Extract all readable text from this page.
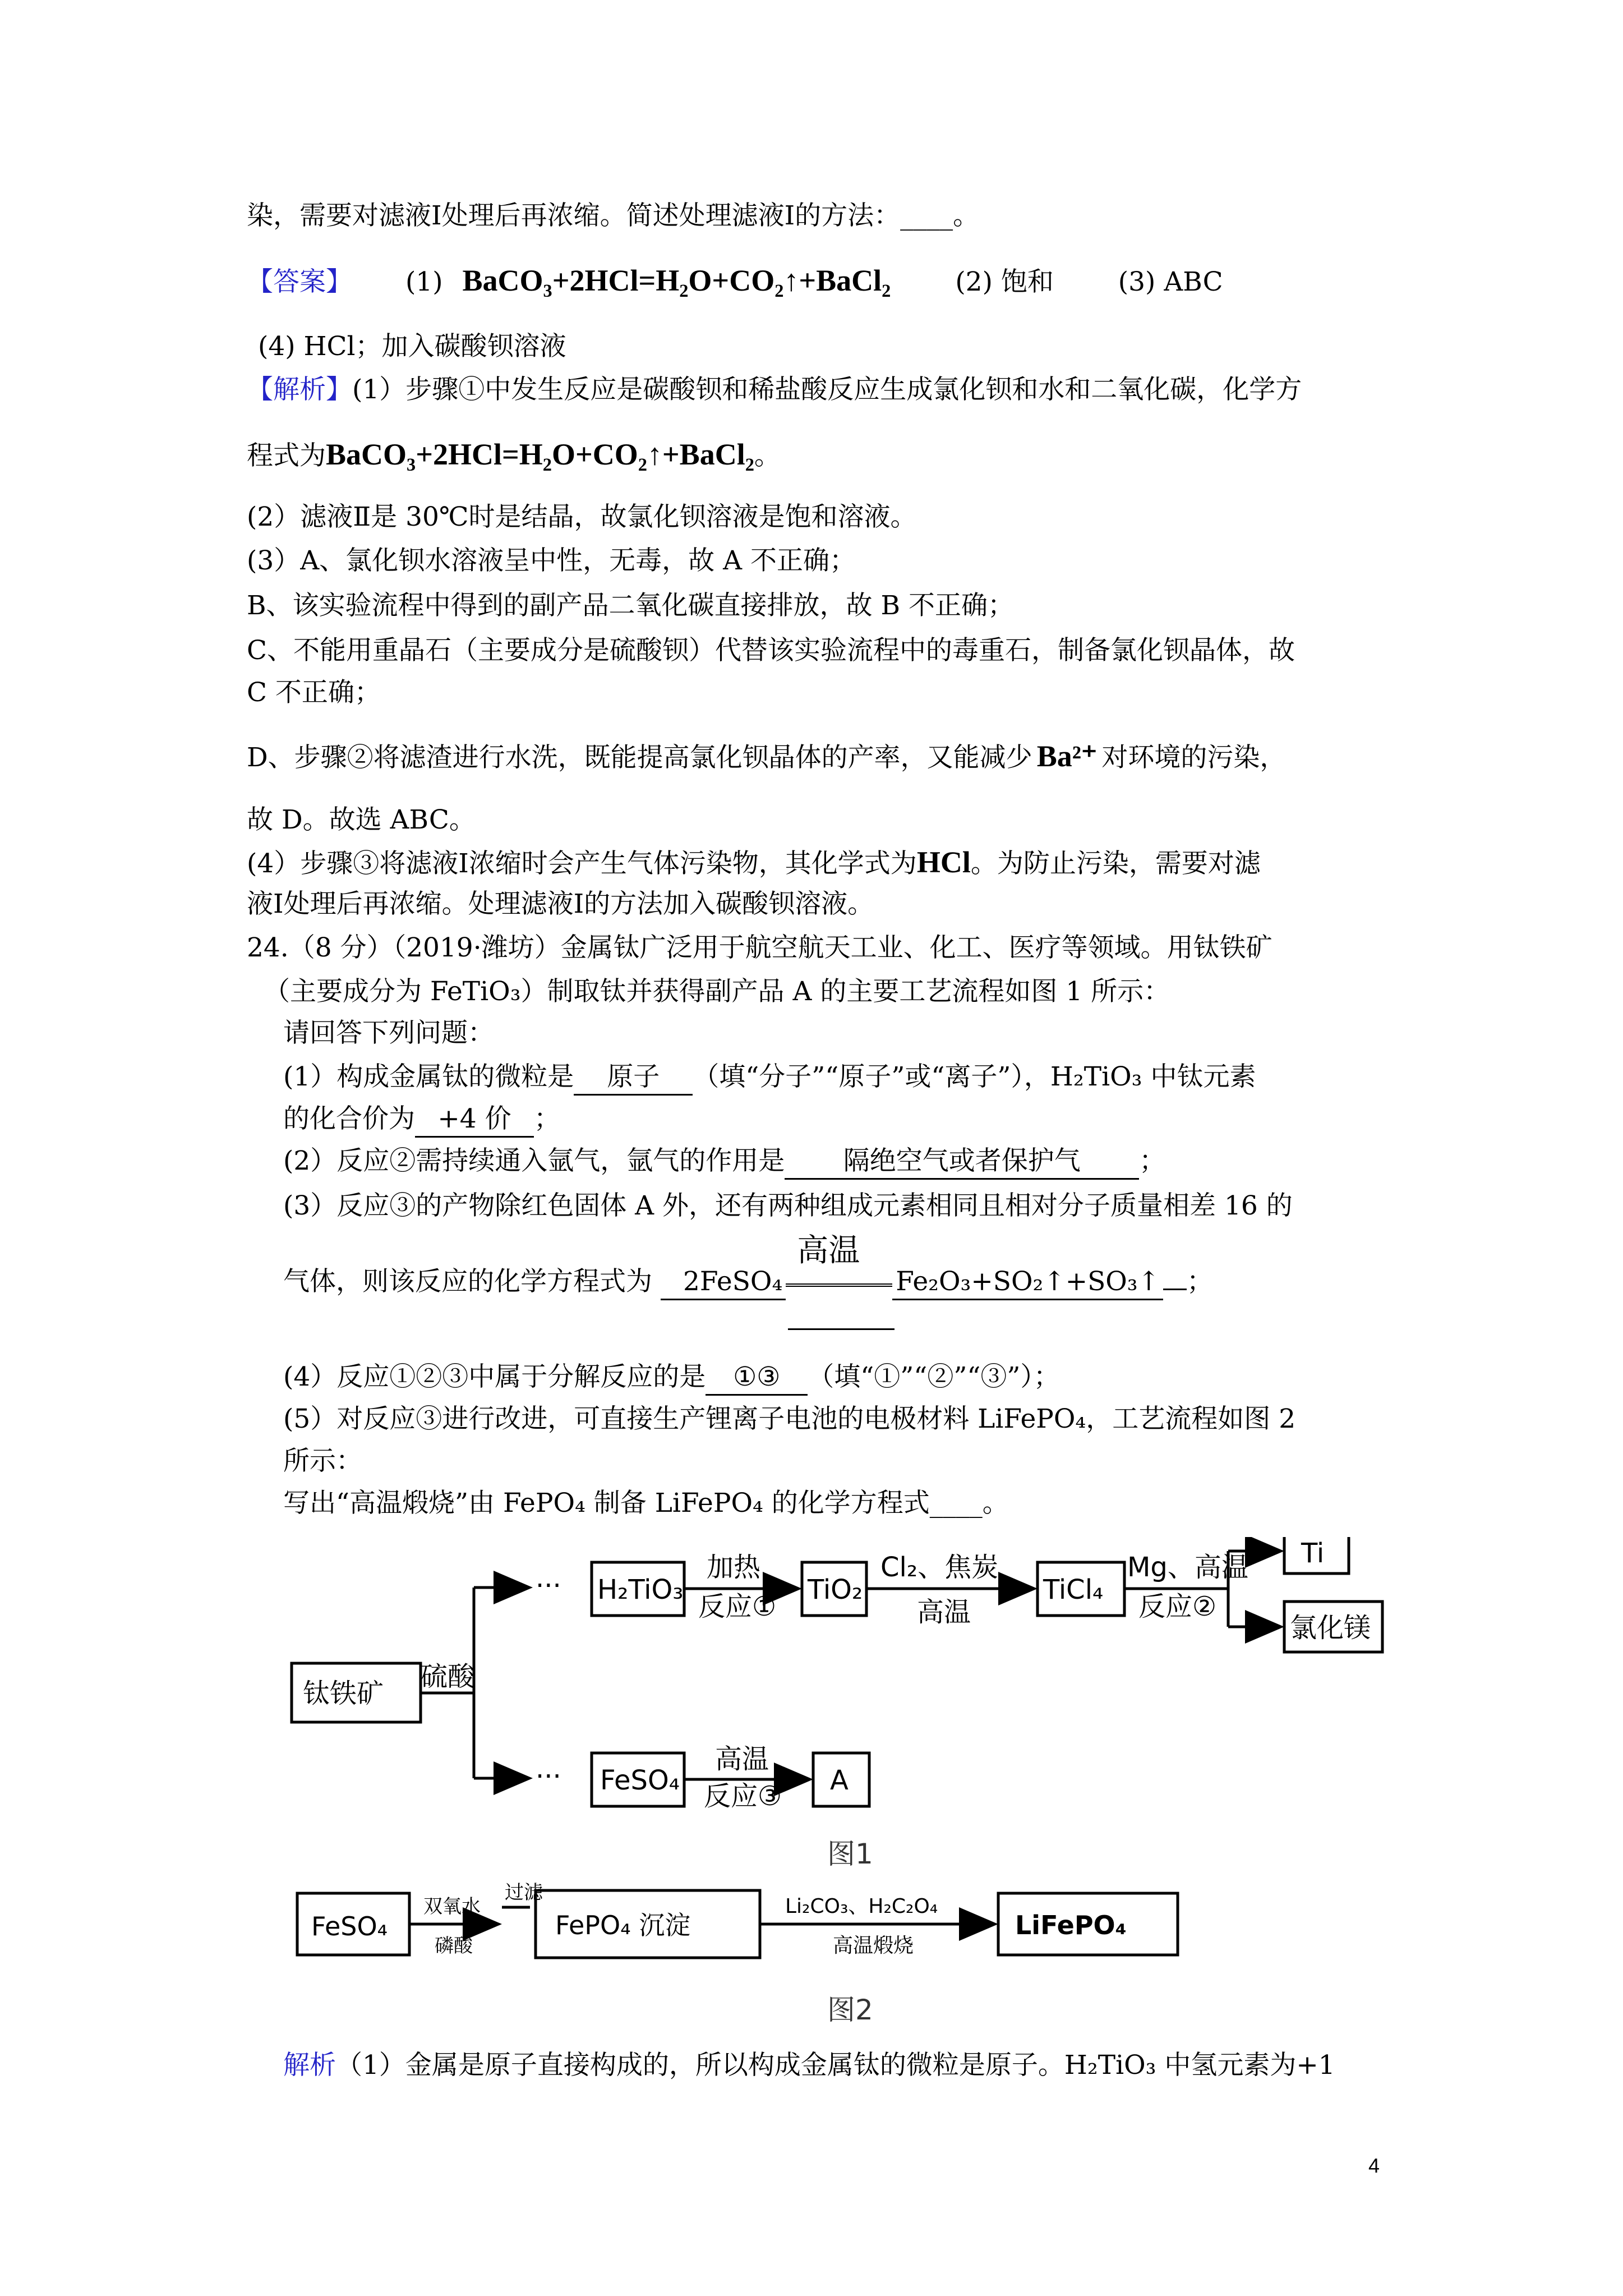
染，需要对滤液Ⅰ处理后再浓缩。简述处理滤液Ⅰ的方法：____。
【答案】 (1) BaCO₃+2HCl=H₂O+CO₂↑+BaCl₂ (2) 饱和 (3) ABC
(4) HCl；加入碳酸钡溶液
【解析】(1）步骤①中发生反应是碳酸钡和稀盐酸反应生成氯化钡和水和二氧化碳，化学方
程式为BaCO₃+2HCl=H₂O+CO₂↑+BaCl₂。
(2）滤液Ⅱ是 30℃时是结晶，故氯化钡溶液是饱和溶液。
(3）A、氯化钡水溶液呈中性，无毒，故 A 不正确；
B、该实验流程中得到的副产品二氧化碳直接排放，故 B 不正确；
C、不能用重晶石（主要成分是硫酸钡）代替该实验流程中的毒重石，制备氯化钡晶体，故
C 不正确；
D、步骤②将滤渣进行水洗，既能提高氯化钡晶体的产率，又能减少 Ba²⁺ 对环境的污染，
故 D。故选 ABC。
(4）步骤③将滤液Ⅰ浓缩时会产生气体污染物，其化学式为HCl。为防止污染，需要对滤
液Ⅰ处理后再浓缩。处理滤液Ⅰ的方法加入碳酸钡溶液。
24.（8 分）（2019·潍坊）金属钛广泛用于航空航天工业、化工、医疗等领域。用钛铁矿
（主要成分为 FeTiO₃）制取钛并获得副产品 A 的主要工艺流程如图 1 所示：
请回答下列问题：
(1）构成金属钛的微粒是 原子 （填“分子”“原子”或“离子”），H₂TiO₃ 中钛元素
的化合价为 +4 价 ；
(2）反应②需持续通入氩气，氩气的作用是 隔绝空气或者保护气 ；
(3）反应③的产物除红色固体 A 外，还有两种组成元素相同且相对分子质量相差 16 的
气体，则该反应的化学方程式为 2FeSO₄
高温
Fe₂O₃+SO₂↑+SO₃↑ ；
(4）反应①②③中属于分解反应的是 ①③ （填“①”“②”“③”）；
(5）对反应③进行改进，可直接生产锂离子电池的电极材料 LiFePO₄，工艺流程如图 2
所示：
写出“高温煅烧”由 FePO₄ 制备 LiFePO₄ 的化学方程式____。
钛铁矿
硫酸
···
···
H₂TiO₃
加热
反应①
TiO₂
Cl₂、焦炭
高温
TiCl₄
Mg、高温
反应②
Ti
氯化镁
FeSO₄
高温
反应③ A
图1
FeSO₄
双氧水
磷酸
过滤
FePO₄ 沉淀
Li₂CO₃、H₂C₂O₄
高温煅烧
LiFePO₄
图2
解析（1）金属是原子直接构成的，所以构成金属钛的微粒是原子。H₂TiO₃ 中氢元素为+1
4
